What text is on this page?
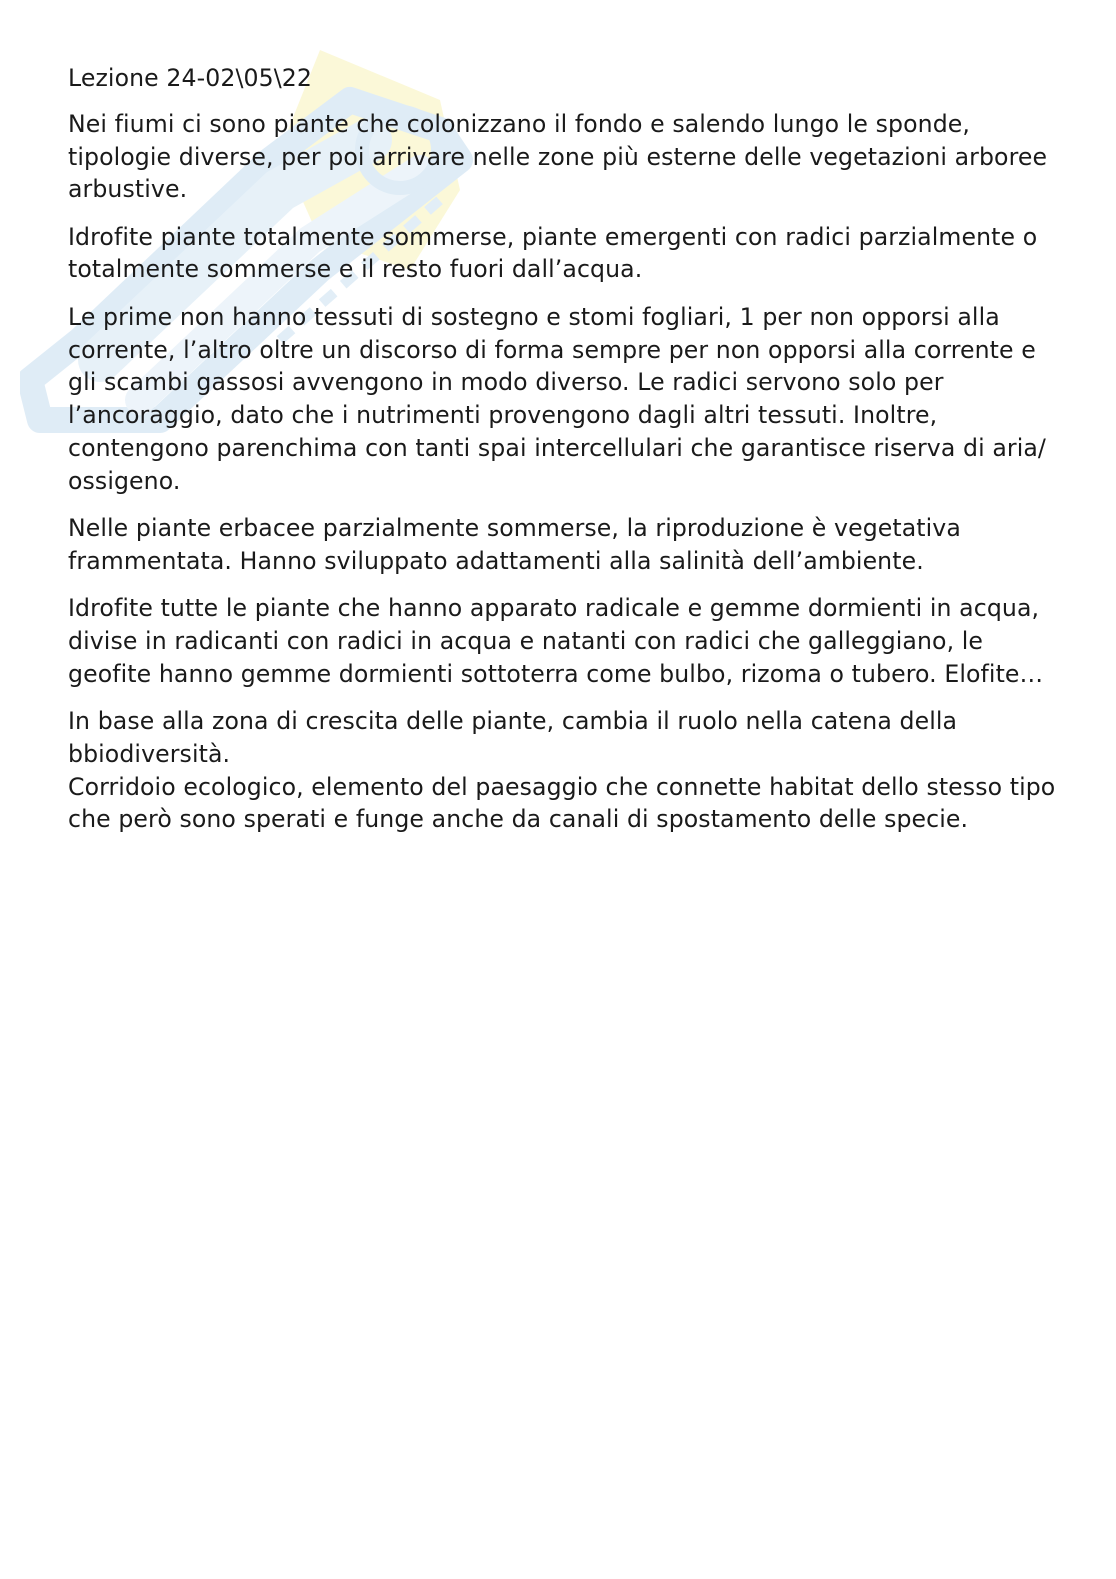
Lezione 24-02\05\22

Nei fiumi ci sono piante che colonizzano il fondo e salendo lungo le sponde, tipologie diverse, per poi arrivare nelle zone più esterne delle vegetazioni arboree arbustive.

Idrofite piante totalmente sommerse, piante emergenti con radici parzialmente o totalmente sommerse e il resto fuori dall’acqua.

Le prime non hanno tessuti di sostegno e stomi fogliari, 1 per non opporsi alla corrente, l’altro oltre un discorso di forma sempre per non opporsi alla corrente e gli scambi gassosi avvengono in modo diverso. Le radici servono solo per l’ancoraggio, dato che i nutrimenti provengono dagli altri tessuti. Inoltre, contengono parenchima con tanti spai intercellulari che garantisce riserva di aria/ ossigeno.

Nelle piante erbacee parzialmente sommerse, la riproduzione è vegetativa frammentata. Hanno sviluppato adattamenti alla salinità dell’ambiente.

Idrofite tutte le piante che hanno apparato radicale e gemme dormienti in acqua, divise in radicanti con radici in acqua e natanti con radici che galleggiano, le geofite hanno gemme dormienti sottoterra come bulbo, rizoma o tubero. Elofite…

In base alla zona di crescita delle piante, cambia il ruolo nella catena della bbiodiversità.

Corridoio ecologico, elemento del paesaggio che connette habitat dello stesso tipo che però sono sperati e funge anche da canali di spostamento delle specie.
